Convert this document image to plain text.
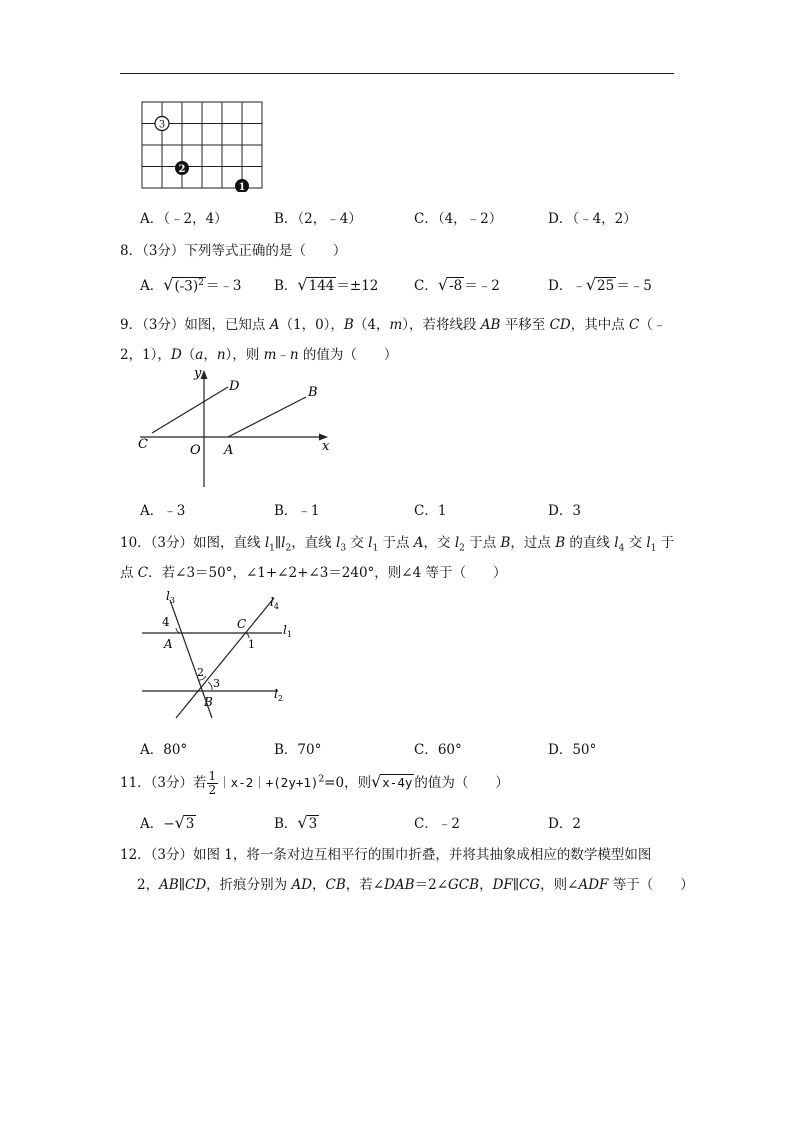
3
2
1
A．（﹣2，4）	B．（2，﹣4）	C．（4，﹣2）	D．（﹣4，2）
8．（3分）下列等式正确的是（　　）
A．$√(-3)^2$ ＝﹣3 B．√144 ＝±12	C．√-8 ＝﹣2	D．﹣√25 ＝﹣5
9．（3分）如图，已知点 A（1，0），B（4，m），若将线段 AB 平移至 CD，其中点 C（﹣
2，1），D（a，n），则 m﹣n 的值为（　　）
y
x
O A
B
C
D
A．﹣3	B．﹣1	C．1	D．3
10．（3分）如图，直线 $l_1\parallel l_2$，直线 $l_3$ 交 $l_1$ 于点 A，交 $l_2$ 于点 B，过点 B 的直线 $l_4$ 交 $l_1$ 于
点 C．若∠3＝50°，∠1+∠2+∠3＝240°，则∠4 等于（　　）
$l_3$	$l_4$
$l_1$
$l_2$
4
A
C
1
2
3
B
A．80°	B．70°	C．60°	D．50°
11．（3分）若 $\frac{1}{2}$ $|x-2|+(2y+1)^2=0$，则√x-4y 的值为（　　）
A．−√3	B．√3	C．﹣2	D．2
12．（3分）如图 1，将一条对边互相平行的围巾折叠，并将其抽象成相应的数学模型如图
2，AB∥CD，折痕分别为 AD，CB，若∠DAB＝2∠GCB，DF∥CG，则∠ADF 等于（　　）
